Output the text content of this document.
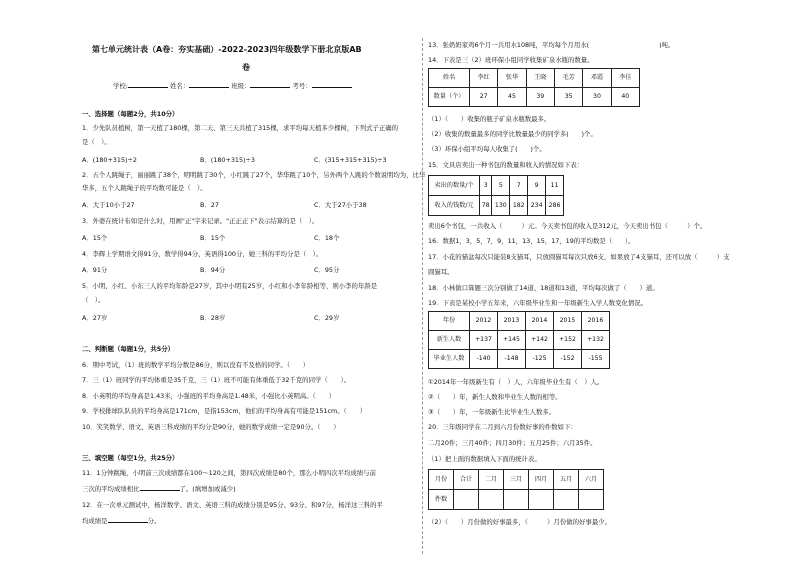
第七单元统计表（A卷：夯实基础）-2022-2023四年级数学下册北京版AB
卷
学校:	姓名：	班级：	考号：
一、选择题（每题2分，共10分）
1．少先队员植树，第一天植了180棵，第二天、第三天共植了315棵，求平均每天植多少棵树，下列式子正确的
是（　）。
A．(180+315)÷2	B．(180+315)÷3	C．(315+315+315)÷3
2．五个人跳绳子，丽丽跳了38个，明明跳了30个，小红跳了27个，华华跳了10个，另外两个人跳的个数说明均为，比华
华多，五个人跳绳子的平均数可能是（　）。
A．大于10小于27	B．27	C．大于27小于38
3．外婆在统计布如是什么时，用画"正"字来记录。"正正正下"表示结算的是（　）。
A．15个	B．15个	C．18个
4．李辉上学期语文得91分，数学得94分，英语得100分，她三科的平均分是（　）。
A．91分	B．94分	C．95分
5．小明、小红、小东三人的平均年龄是27岁，其中小明有25岁，小红和小李年龄相等，则小李的年龄是
（　）。
A．27岁	B．28岁	C．29岁
二、判断题（每题1分，共5分）
6．期中考试，（1）班的数学平均分数是86分，则以没有不及格的同学。（　　）
7．三（1）班同学的平均体重是35千克，三（1）班不可能有体重低于32千克的同学（　　）。
8．小英明的平均身高是1.43米，小强班的平均身高是1.48米，小强比小英明高。（　　）
9．学校排球队队员的平均身高是171cm，是指153cm，他们的平均身高有可能是151cm。（　　）
10．笑笑数学、语文、英语三科成绩的平均分是90分，她的数学成绩一定是90分。（　　）
三、填空题（每空1分，共25分）
11．1分钟跳绳，小明前三次成绩都在100～120之间，第四次成绩是80个，那么小明四次平均成绩与前
三次的平均成绩相比	了。(填增加或减少)
12．在一次单元测试中，杨洋数学、语文、英语三科的成绩分别是95分、93分、和97分，杨洋这三科的平
均成绩是	分。
13．张奶奶家鸡6个月一共用水108吨，平均每个月用水(	)吨。
14．下表是三（2）班环保小组同学收集矿泉水瓶的数量。
姓名	李红	张华	王晓	毛芳	邓霞	李佳
数量（个）	27	45	39	35	30	40
（1）（　　）收集的瓶子矿泉水瓶数最多。
（2）收集的数量最多的同学比数量最少的同学多(　　)个。
（3）环保小组平均每人收集了(　　)个。
15．文具店卖出一种书包的数量和收入的情况如下表：
卖出的数量/个	3	5	7	9	11
收入的钱数/元	78	130	182	234	286
卖出6个书包，一共收入（　　　）元。今天卖书包的收入是312元，今天卖出书包（　　　）个。
16．数据1，3，5，7，9，11，13，15，17，19的平均数是（　　）。
17．小花的猫盆每次只能装8支猫耳，只放圆猫耳每次只放6支，如果放了4支猫耳，还可以放（　　　）支
圆猫耳。
18．小林做口算题三次分别做了14道、18道和13道，平均每次做了（　　）道。
19．下表是某校小学五年来，六年级毕业生和一年级新生入学人数变化情况。
年份	2012	2013	2014	2015	2016
新生人数	+137	+145	+142	+152	+132
毕业生人数	-140	-148	-125	-152	-155
①2014年一年级新生有（　）人，六年级毕业生有（　）人。
②（　　）年，新生人数和毕业生人数的相等。
③（　　）年，一年级新生比毕业生人数多。
20．三年级同学在二月到六月份数好事的件数如下：
二月20件；三月40件；四月30件；五月25件；六月35件。
（1）把上面的数据填入下面的统计表。
月份	合计	二月	三月	四月	五月	六月
件数						
（2）（　　）月份做的好事最多，（　　　）月份做的好事最少。
